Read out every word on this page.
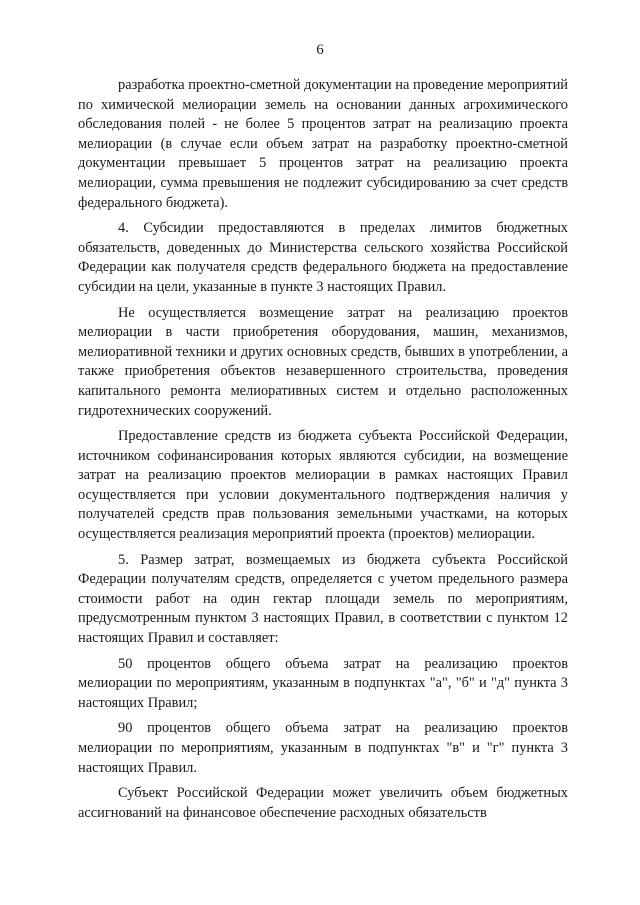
6

разработка проектно-сметной документации на проведение мероприятий по химической мелиорации земель на основании данных агрохимического обследования полей - не более 5 процентов затрат на реализацию проекта мелиорации (в случае если объем затрат на разработку проектно-сметной документации превышает 5 процентов затрат на реализацию проекта мелиорации, сумма превышения не подлежит субсидированию за счет средств федерального бюджета).

4. Субсидии предоставляются в пределах лимитов бюджетных обязательств, доведенных до Министерства сельского хозяйства Российской Федерации как получателя средств федерального бюджета на предоставление субсидии на цели, указанные в пункте 3 настоящих Правил.

Не осуществляется возмещение затрат на реализацию проектов мелиорации в части приобретения оборудования, машин, механизмов, мелиоративной техники и других основных средств, бывших в употреблении, а также приобретения объектов незавершенного строительства, проведения капитального ремонта мелиоративных систем и отдельно расположенных гидротехнических сооружений.

Предоставление средств из бюджета субъекта Российской Федерации, источником софинансирования которых являются субсидии, на возмещение затрат на реализацию проектов мелиорации в рамках настоящих Правил осуществляется при условии документального подтверждения наличия у получателей средств прав пользования земельными участками, на которых осуществляется реализация мероприятий проекта (проектов) мелиорации.

5. Размер затрат, возмещаемых из бюджета субъекта Российской Федерации получателям средств, определяется с учетом предельного размера стоимости работ на один гектар площади земель по мероприятиям, предусмотренным пунктом 3 настоящих Правил, в соответствии с пунктом 12 настоящих Правил и составляет:

50 процентов общего объема затрат на реализацию проектов мелиорации по мероприятиям, указанным в подпунктах "а", "б" и "д" пункта 3 настоящих Правил;

90 процентов общего объема затрат на реализацию проектов мелиорации по мероприятиям, указанным в подпунктах "в" и "г" пункта 3 настоящих Правил.

Субъект Российской Федерации может увеличить объем бюджетных ассигнований на финансовое обеспечение расходных обязательств
